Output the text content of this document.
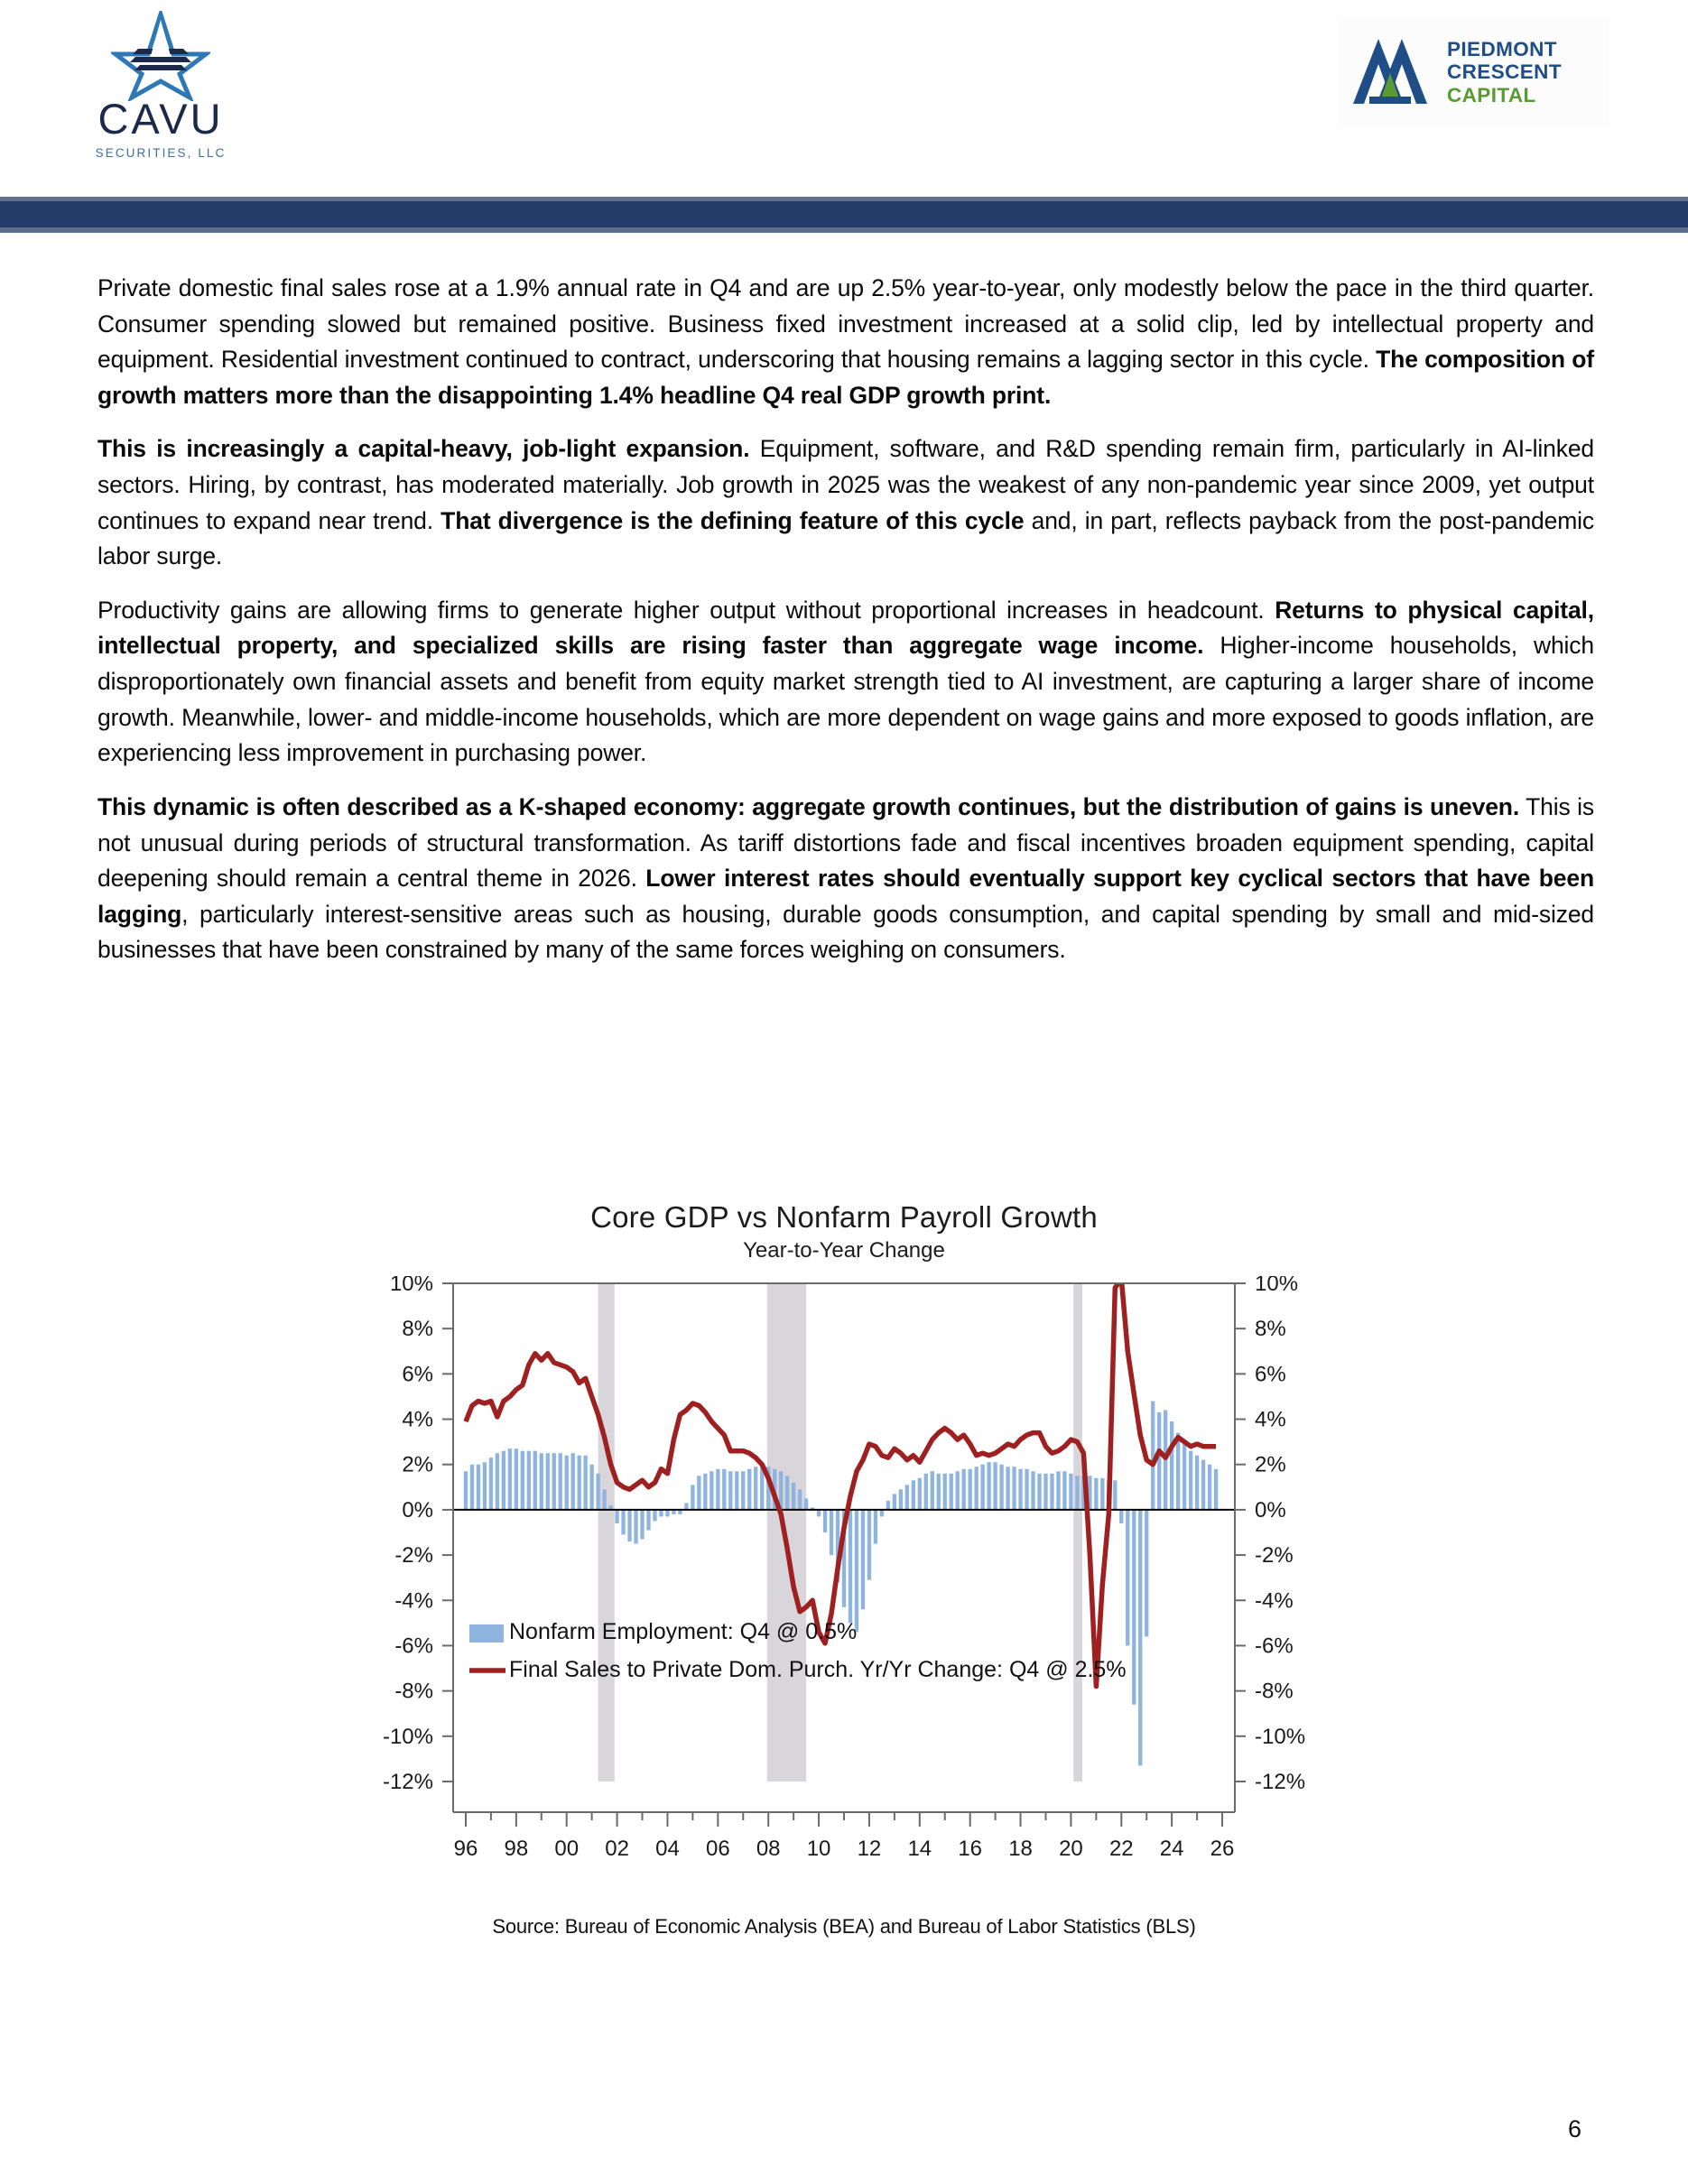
CAVU
SECURITIES, LLC
PIEDMONT
CRESCENT
CAPITAL

Private domestic final sales rose at a 1.9% annual rate in Q4 and are up 2.5% year-to-year, only modestly below the pace in the third quarter. Consumer spending slowed but remained positive. Business fixed investment increased at a solid clip, led by intellectual property and equipment. Residential investment continued to contract, underscoring that housing remains a lagging sector in this cycle. The composition of growth matters more than the disappointing 1.4% headline Q4 real GDP growth print.

This is increasingly a capital-heavy, job-light expansion. Equipment, software, and R&D spending remain firm, particularly in AI-linked sectors. Hiring, by contrast, has moderated materially. Job growth in 2025 was the weakest of any non-pandemic year since 2009, yet output continues to expand near trend. That divergence is the defining feature of this cycle and, in part, reflects payback from the post-pandemic labor surge.

Productivity gains are allowing firms to generate higher output without proportional increases in headcount. Returns to physical capital, intellectual property, and specialized skills are rising faster than aggregate wage income. Higher-income households, which disproportionately own financial assets and benefit from equity market strength tied to AI investment, are capturing a larger share of income growth. Meanwhile, lower- and middle-income households, which are more dependent on wage gains and more exposed to goods inflation, are experiencing less improvement in purchasing power.

This dynamic is often described as a K-shaped economy: aggregate growth continues, but the distribution of gains is uneven. This is not unusual during periods of structural transformation. As tariff distortions fade and fiscal incentives broaden equipment spending, capital deepening should remain a central theme in 2026. Lower interest rates should eventually support key cyclical sectors that have been lagging, particularly interest-sensitive areas such as housing, durable goods consumption, and capital spending by small and mid-sized businesses that have been constrained by many of the same forces weighing on consumers.

Core GDP vs Nonfarm Payroll Growth
Year-to-Year Change
10%	10%
8%	8%
6%	6%
4%	4%
2%	2%
0%	0%
-2%	-2%
-4%	-4%
-6%	-6%
-8%	-8%
-10%	-10%
-12%	-12%
96 98 00 02 04 06 08 10 12 14 16 18 20 22 24 26
Nonfarm Employment: Q4 @ 0.5%
Final Sales to Private Dom. Purch. Yr/Yr Change: Q4 @ 2.5%
Source: Bureau of Economic Analysis (BEA) and Bureau of Labor Statistics (BLS)
6
